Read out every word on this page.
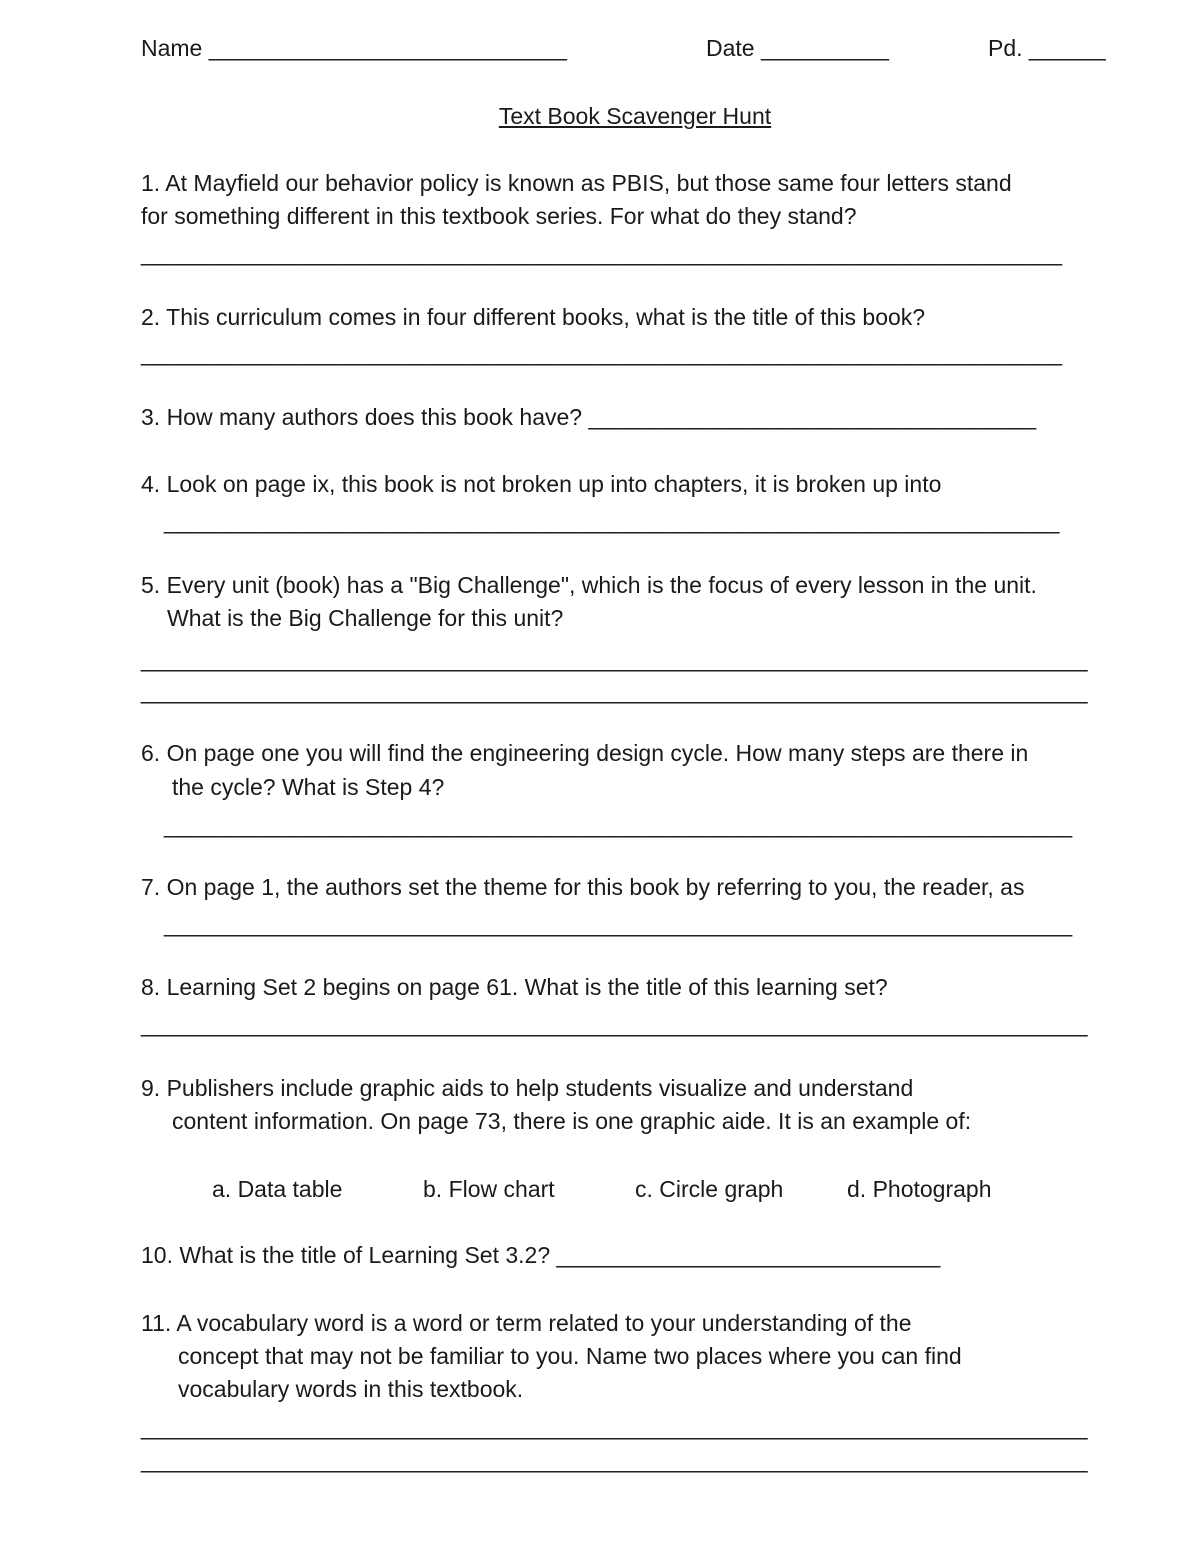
Name ____________________________	Date __________	Pd. ______
Text Book Scavenger Hunt
1. At Mayfield our behavior policy is known as PBIS, but those same four letters stand
for something different in this textbook series. For what do they stand?
________________________________________________________________________
2. This curriculum comes in four different books, what is the title of this book?
________________________________________________________________________
3. How many authors does this book have? ___________________________________
4. Look on page ix, this book is not broken up into chapters, it is broken up into
______________________________________________________________________
5. Every unit (book) has a "Big Challenge", which is the focus of every lesson in the unit.
What is the Big Challenge for this unit?
__________________________________________________________________________
__________________________________________________________________________
6. On page one you will find the engineering design cycle. How many steps are there in
the cycle? What is Step 4?
_______________________________________________________________________
7. On page 1, the authors set the theme for this book by referring to you, the reader, as
_______________________________________________________________________
8. Learning Set 2 begins on page 61. What is the title of this learning set?
__________________________________________________________________________
9. Publishers include graphic aids to help students visualize and understand
content information. On page 73, there is one graphic aide. It is an example of:
a. Data table	b. Flow chart	c. Circle graph	d. Photograph
10. What is the title of Learning Set 3.2? ______________________________
11. A vocabulary word is a word or term related to your understanding of the
concept that may not be familiar to you. Name two places where you can find
vocabulary words in this textbook.
__________________________________________________________________________
__________________________________________________________________________
